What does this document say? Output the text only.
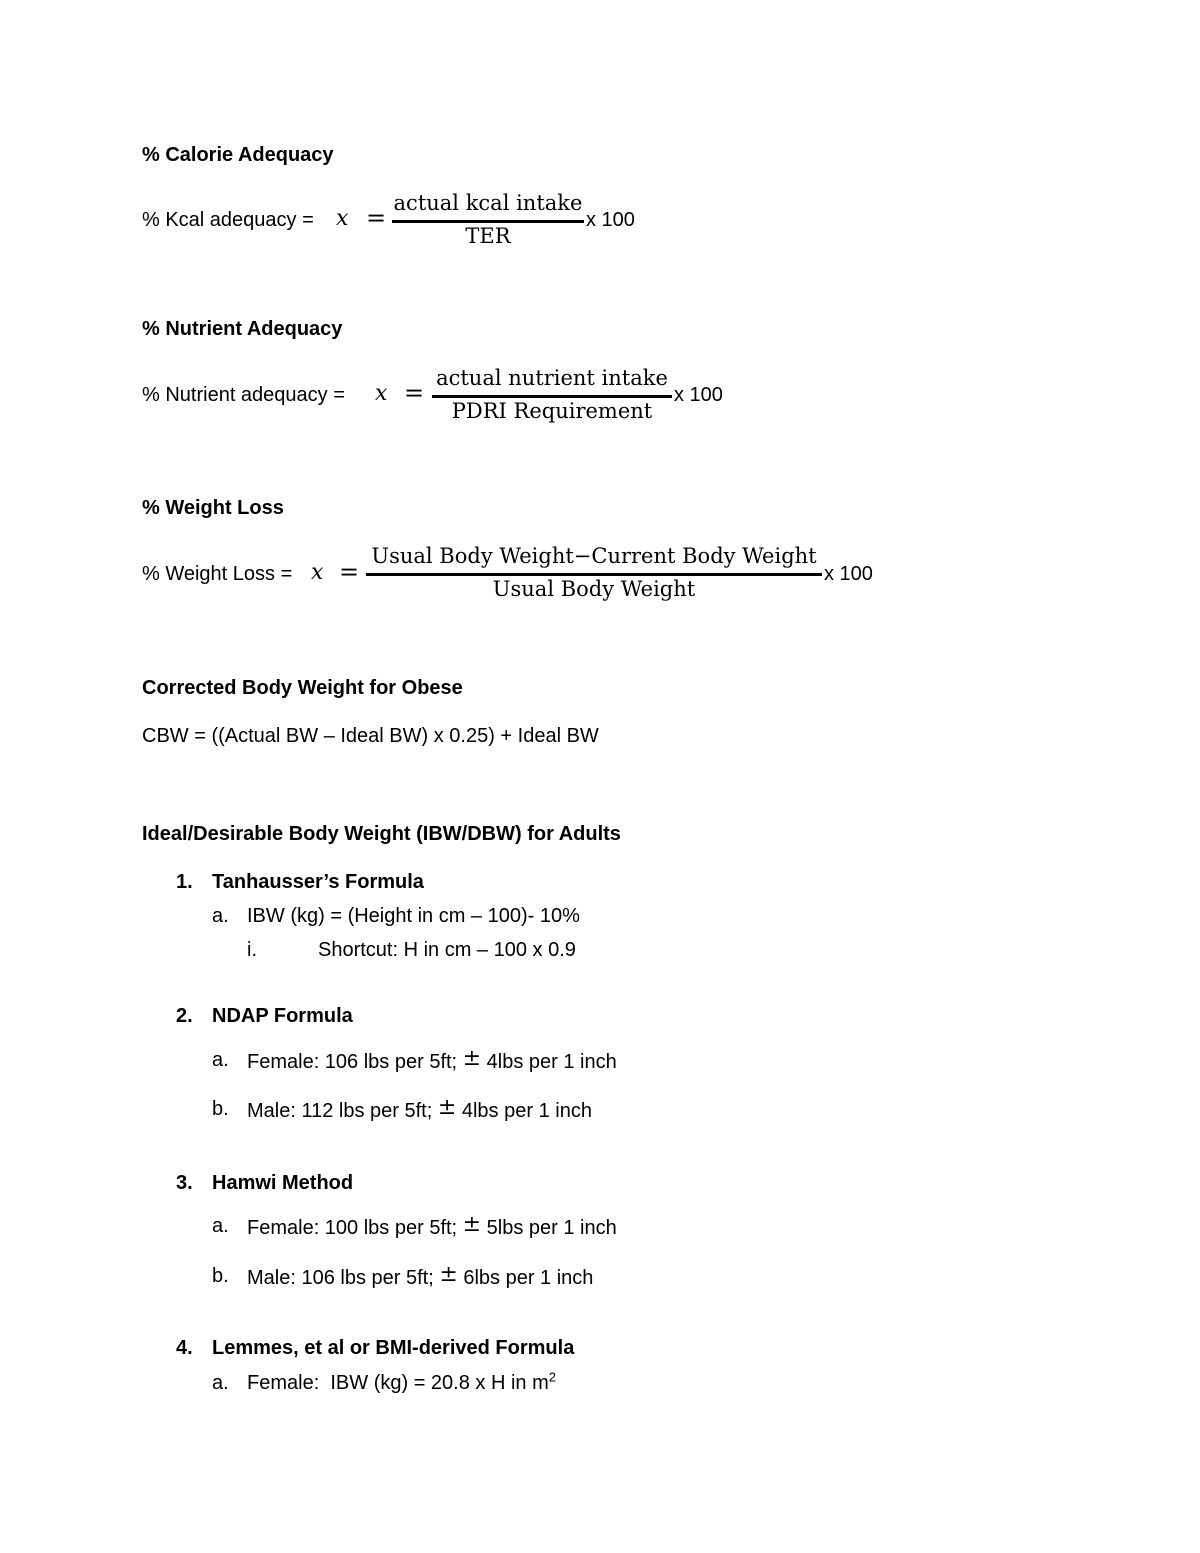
% Calorie Adequacy
% Kcal adequacy = x =
actual kcal intake
TER
x 100
% Nutrient Adequacy
% Nutrient adequacy = x =
actual nutrient intake
PDRI Requirement
x 100
% Weight Loss
% Weight Loss = x =
Usual Body Weight−Current Body Weight
Usual Body Weight
x 100
Corrected Body Weight for Obese
CBW = ((Actual BW – Ideal BW) x 0.25) + Ideal BW
Ideal/Desirable Body Weight (IBW/DBW) for Adults
1. Tanhausser’s Formula
a. IBW (kg) = (Height in cm – 100)- 10%
i.	Shortcut: H in cm – 100 x 0.9
2. NDAP Formula
a. Female: 106 lbs per 5ft; ± 4lbs per 1 inch
b. Male: 112 lbs per 5ft; ± 4lbs per 1 inch
3. Hamwi Method
a. Female: 100 lbs per 5ft; ± 5lbs per 1 inch
b. Male: 106 lbs per 5ft; ± 6lbs per 1 inch
4. Lemmes, et al or BMI-derived Formula
a. Female:  IBW (kg) = 20.8 x H in $m^2$
